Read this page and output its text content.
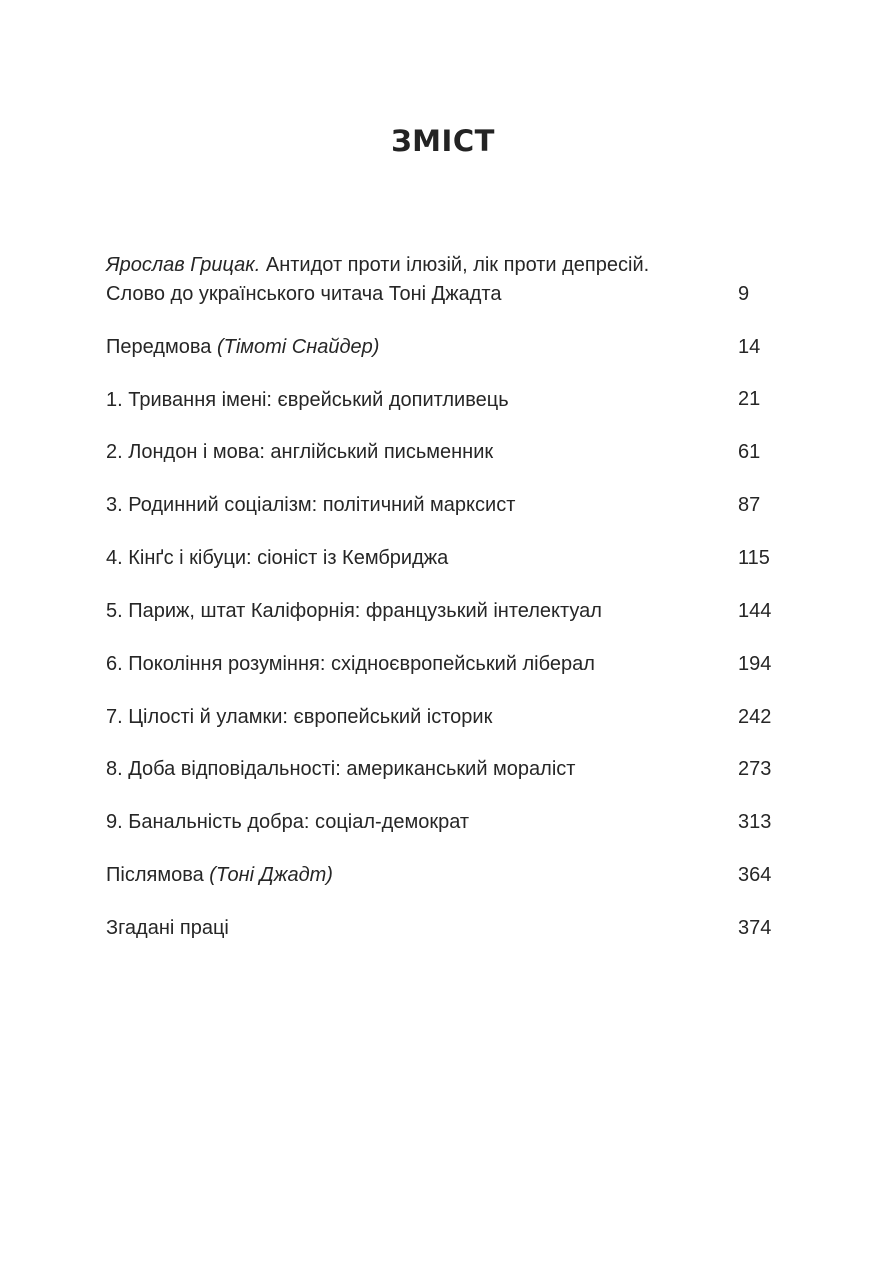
ЗМІСТ
Ярослав Грицак. Антидот проти ілюзій, лік проти депресій.
Слово до українського читача Тоні Джадта	9
Передмова (Тімоті Снайдер)	14
1. Тривання імені: єврейський допитливець	21
2. Лондон і мова: англійський письменник	61
3. Родинний соціалізм: політичний марксист	87
4. Кінґс і кібуци: сіоніст із Кембриджа	115
5. Париж, штат Каліфорнія: французький інтелектуал	144
6. Покоління розуміння: східноєвропейський ліберал	194
7. Цілості й уламки: європейський історик	242
8. Доба відповідальності: американський мораліст	273
9. Банальність добра: соціал-демократ	313
Післямова (Тоні Джадт)	364
Згадані праці	374
